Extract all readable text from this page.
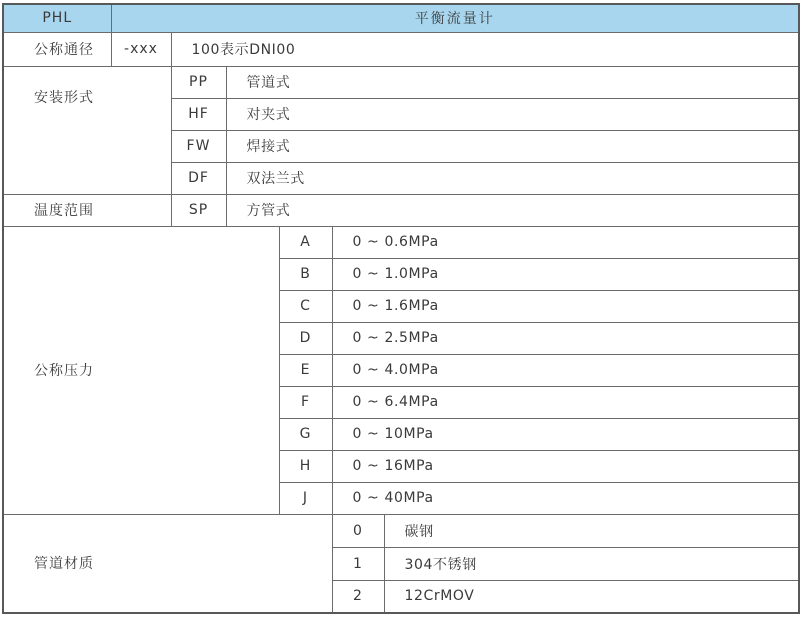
PHL	平衡流量计					
公称通径	-xxx	100表示DNI00				
安装形式		PP	管道式			
		HF	对夹式			
		FW	焊接式			
		DF	双法兰式			
温度范围		SP	方管式			
公称压力				A	0 ~ 0.6MPa	
				B	0 ~ 1.0MPa	
				C	0 ~ 1.6MPa	
				D	0 ~ 2.5MPa	
				E	0 ~ 4.0MPa	
				F	0 ~ 6.4MPa	
				G	0 ~ 10MPa	
				H	0 ~ 16MPa	
				J	0 ~ 40MPa	
管道材质					0	碳钢
					1	304不锈钢
					2	12CrMOV
